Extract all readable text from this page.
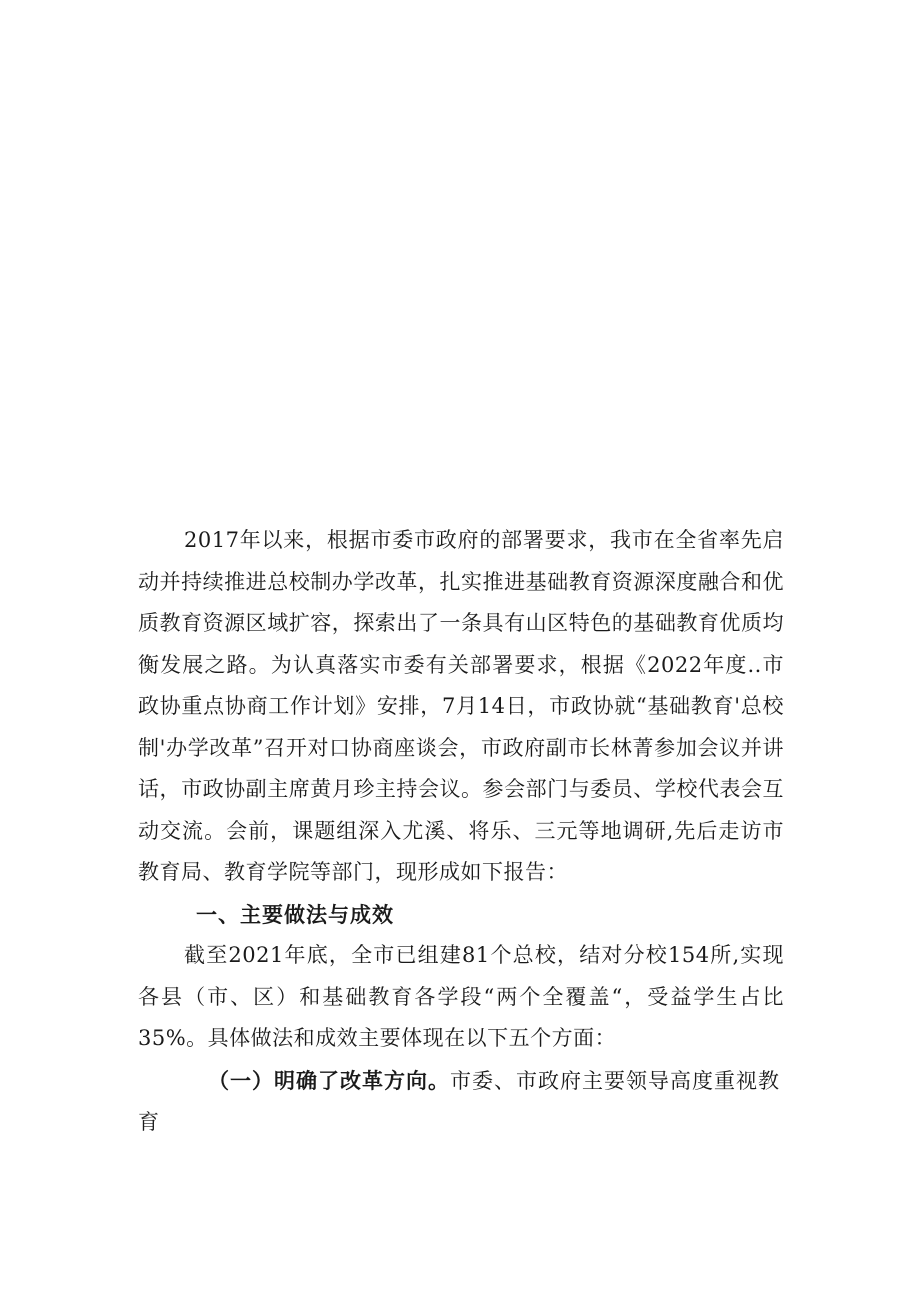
2017年以来，根据市委市政府的部署要求，我市在全省率先启动并持续推进总校制办学改革，扎实推进基础教育资源深度融合和优质教育资源区域扩容，探索出了一条具有山区特色的基础教育优质均衡发展之路。为认真落实市委有关部署要求，根据《2022年度..市政协重点协商工作计划》安排，7月14日，市政协就“基础教育'总校制'办学改革”召开对口协商座谈会，市政府副市长林菁参加会议并讲话，市政协副主席黄月珍主持会议。参会部门与委员、学校代表会互动交流。会前，课题组深入尤溪、将乐、三元等地调研,先后走访市教育局、教育学院等部门，现形成如下报告：

一、主要做法与成效

截至2021年底，全市已组建81个总校，结对分校154所,实现各县（市、区）和基础教育各学段“两个全覆盖“，受益学生占比35%。具体做法和成效主要体现在以下五个方面：

（一）明确了改革方向。市委、市政府主要领导高度重视教育
